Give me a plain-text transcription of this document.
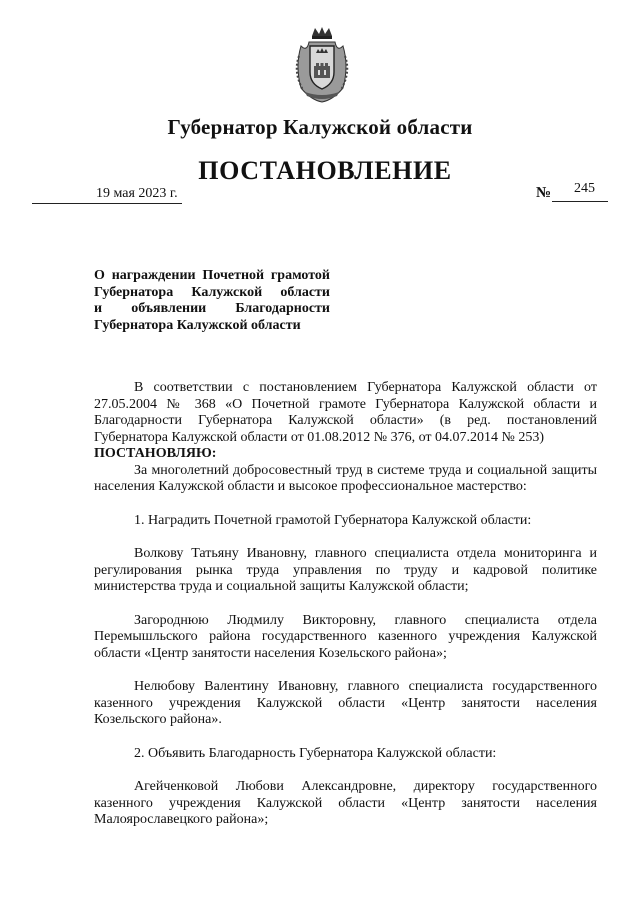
Губернатор Калужской области
ПОСТАНОВЛЕНИЕ
19 мая 2023 г.	№ 245
О награждении Почетной грамотой
Губернатора Калужской области
и объявлении Благодарности
Губернатора Калужской области

В соответствии с постановлением Губернатора Калужской области от 27.05.2004 № 368 «О Почетной грамоте Губернатора Калужской области и Благодарности Губернатора Калужской области» (в ред. постановлений Губернатора Калужской области от 01.08.2012 № 376, от 04.07.2014 № 253)

ПОСТАНОВЛЯЮ:

За многолетний добросовестный труд в системе труда и социальной защиты населения Калужской области и высокое профессиональное мастерство:

1. Наградить Почетной грамотой Губернатора Калужской области:

Волкову Татьяну Ивановну, главного специалиста отдела мониторинга и регулирования рынка труда управления по труду и кадровой политике министерства труда и социальной защиты Калужской области;

Загороднюю Людмилу Викторовну, главного специалиста отдела Перемышльского района государственного казенного учреждения Калужской области «Центр занятости населения Козельского района»;

Нелюбову Валентину Ивановну, главного специалиста государственного казенного учреждения Калужской области «Центр занятости населения Козельского района».

2. Объявить Благодарность Губернатора Калужской области:

Агейченковой Любови Александровне, директору государственного казенного учреждения Калужской области «Центр занятости населения Малоярославецкого района»;
